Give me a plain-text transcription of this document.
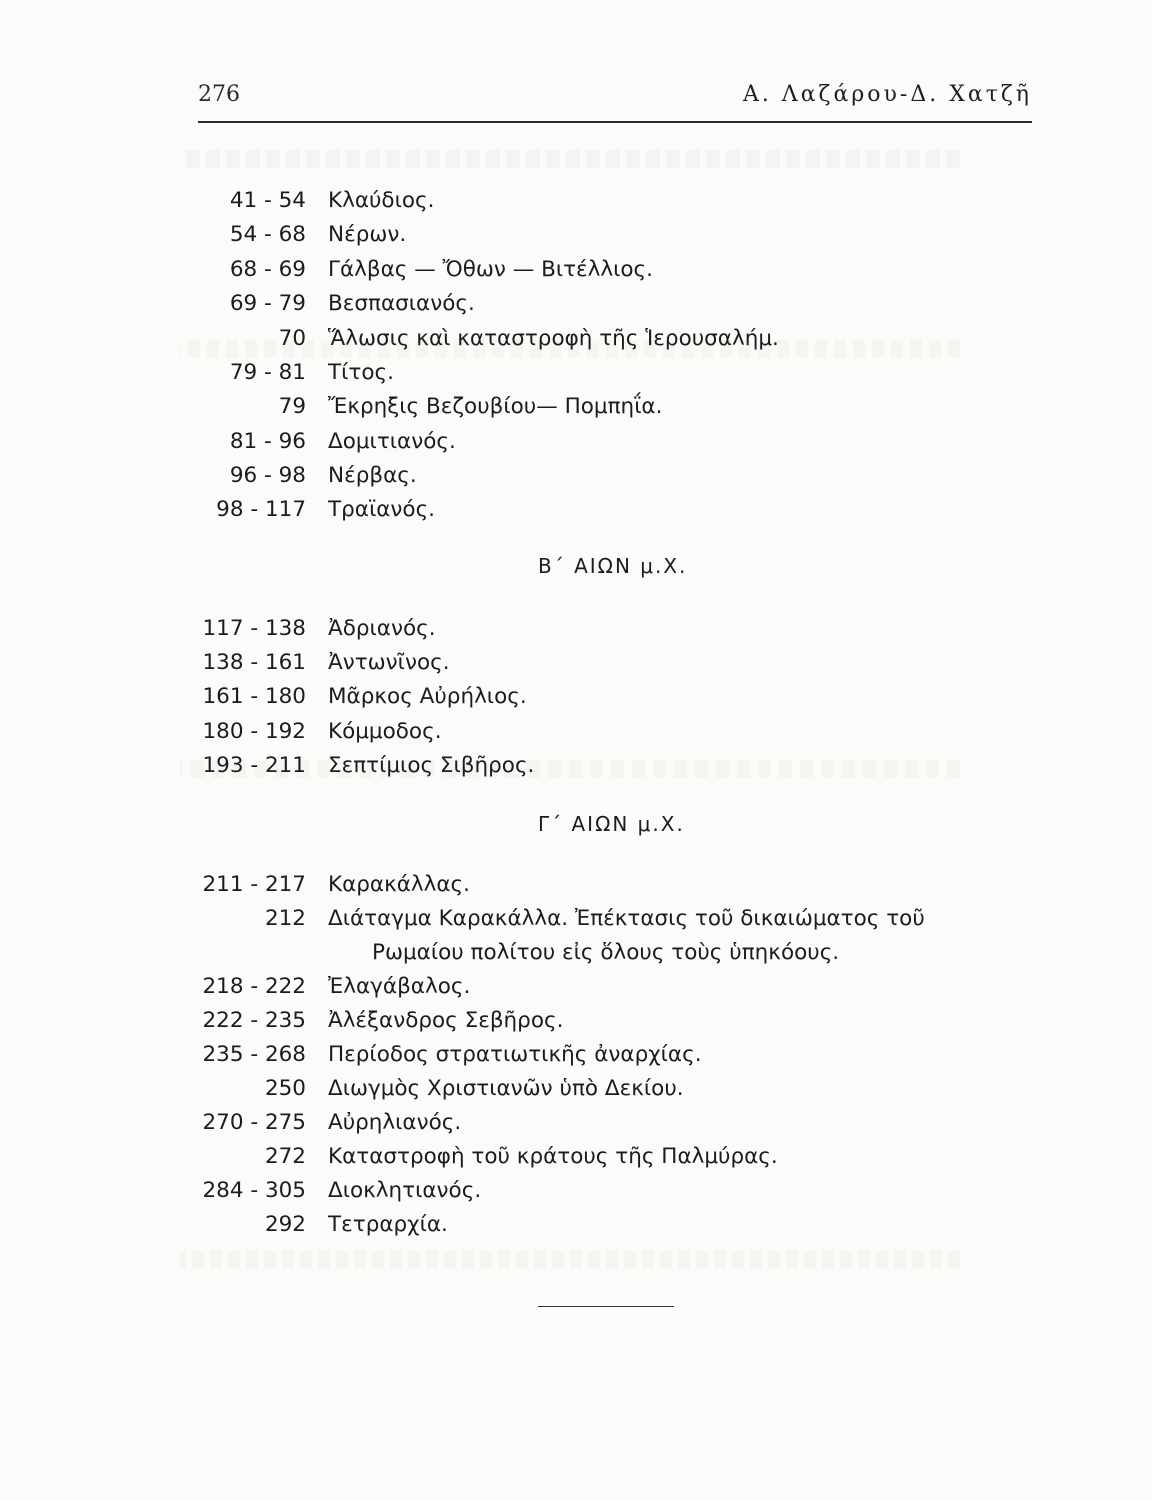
276	Α. Λαζάρου-Δ. Χατζῆ
41 - 54 Κλαύδιος.
54 - 68 Νέρων.
68 - 69 Γάλβας — Ὄθων — Βιτέλλιος.
69 - 79 Βεσπασιανός.
70 Ἅλωσις καὶ καταστροφὴ τῆς Ἱερουσαλήμ.
79 - 81 Τίτος.
79 Ἔκρηξις Βεζουβίου— Πομπηΐα.
81 - 96 Δομιτιανός.
96 - 98 Νέρβας.
98 - 117 Τραϊανός.
Β΄ ΑΙΩΝ μ.Χ.
117 - 138 Ἀδριανός.
138 - 161 Ἀντωνῖνος.
161 - 180 Μᾶρκος Αὐρήλιος.
180 - 192 Κόμμοδος.
193 - 211 Σεπτίμιος Σιβῆρος.
Γ΄ ΑΙΩΝ μ.Χ.
211 - 217 Καρακάλλας.
212 Διάταγμα Καρακάλλα. Ἐπέκτασις τοῦ δικαιώματος τοῦ
Ρωμαίου πολίτου εἰς ὅλους τοὺς ὑπηκόους.
218 - 222 Ἐλαγάβαλος.
222 - 235 Ἀλέξανδρος Σεβῆρος.
235 - 268 Περίοδος στρατιωτικῆς ἀναρχίας.
250 Διωγμὸς Χριστιανῶν ὑπὸ Δεκίου.
270 - 275 Αὐρηλιανός.
272 Καταστροφὴ τοῦ κράτους τῆς Παλμύρας.
284 - 305 Διοκλητιανός.
292 Τετραρχία.
